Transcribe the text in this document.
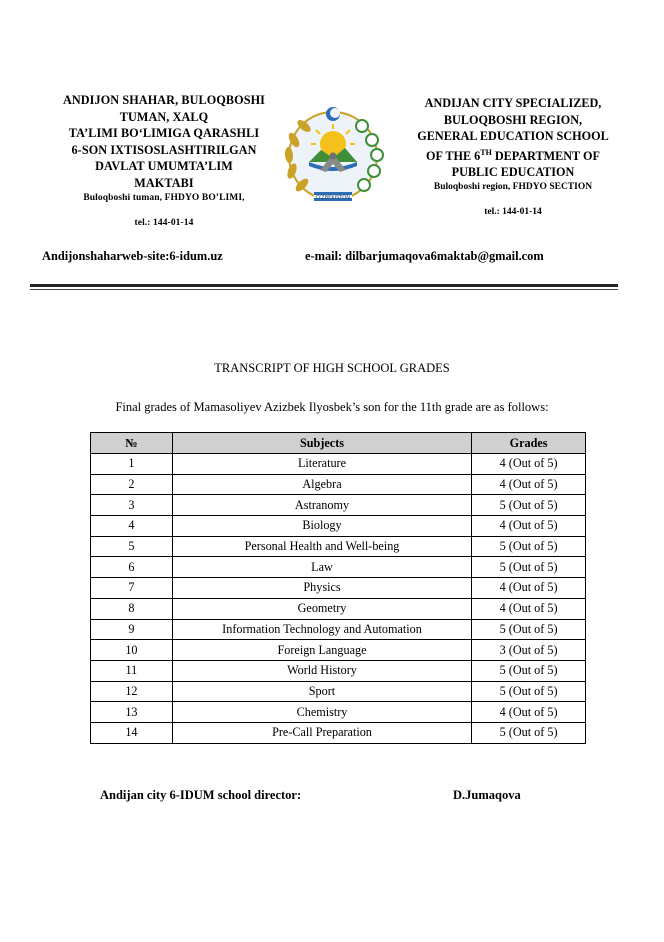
ANDIJON SHAHAR, BULOQBOSHI
TUMAN, XALQ
TA’LIMI BO‘LIMIGA QARASHLI
6-SON IXTISOSLASHTIRILGAN
DAVLAT UMUMTA’LIM
MAKTABI
Buloqboshi tuman, FHDYO BO’LIMI,
tel.: 144-01-14
O'ZBEKISTON
ANDIJAN CITY SPECIALIZED,
BULOQBOSHI REGION,
GENERAL EDUCATION SCHOOL
OF THE 6TH DEPARTMENT OF
PUBLIC EDUCATION
Buloqboshi region, FHDYO SECTION
tel.: 144-01-14
Andijonshaharweb-site:6-idum.uz	e-mail: dilbarjumaqova6maktab@gmail.com
TRANSCRIPT OF HIGH SCHOOL GRADES
Final grades of Mamasoliyev Azizbek Ilyosbek’s son for the 11th grade are as follows:
№	Subjects	Grades
1	Literature	4 (Out of 5)
2	Algebra	4 (Out of 5)
3	Astranomy	5 (Out of 5)
4	Biology	4 (Out of 5)
5	Personal Health and Well-being	5 (Out of 5)
6	Law	5 (Out of 5)
7	Physics	4 (Out of 5)
8	Geometry	4 (Out of 5)
9	Information Technology and Automation	5 (Out of 5)
10	Foreign Language	3 (Out of 5)
11	World History	5 (Out of 5)
12	Sport	5 (Out of 5)
13	Chemistry	4 (Out of 5)
14	Pre-Call Preparation	5 (Out of 5)
Andijan city 6-IDUM school director:	D.Jumaqova
